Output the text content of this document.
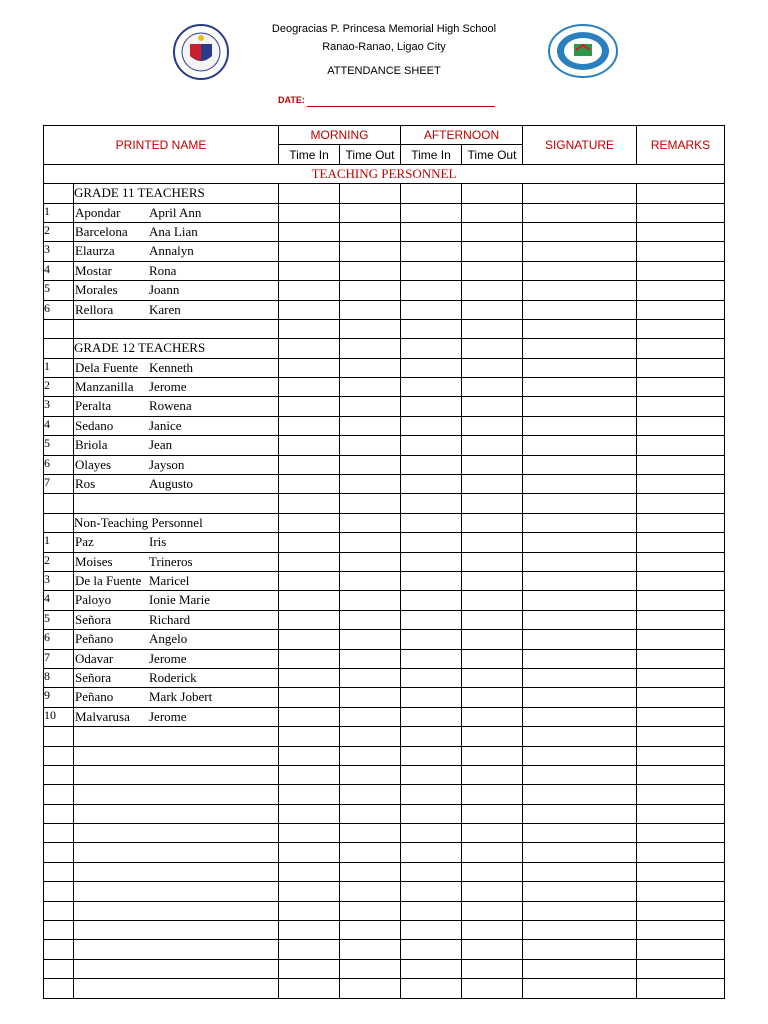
Deogracias P. Princesa Memorial High School
Ranao-Ranao, Ligao City
ATTENDANCE SHEET
DATE:
PRINTED NAME		MORNING		AFTERNOON		SIGNATURE	REMARKS
		Time In	Time Out	Time In	Time Out		
TEACHING PERSONNEL							
	GRADE 11 TEACHERS						
1	Apondar April Ann						

2	Barcelona Ana Lian						

3	Elaurza Annalyn						

4	Mostar Rona						

5	Morales Joann						

6	Rellora Karen						

	GRADE 12 TEACHERS						
1	Dela Fuente Kenneth						

2	Manzanilla Jerome						

3	Peralta Rowena						

4	Sedano Janice						

5	Briola Jean						

6	Olayes Jayson						

7	Ros Augusto						

	Non-Teaching Personnel						
1	Paz Iris						

2	Moises Trineros						

3	De la Fuente Maricel						

4	Paloyo Ionie Marie						

5	Señora Richard						

6	Peñano Angelo						

7	Odavar Jerome						

8	Señora Roderick						

9	Peñano Mark Jobert						

10	Malvarusa Jerome						
